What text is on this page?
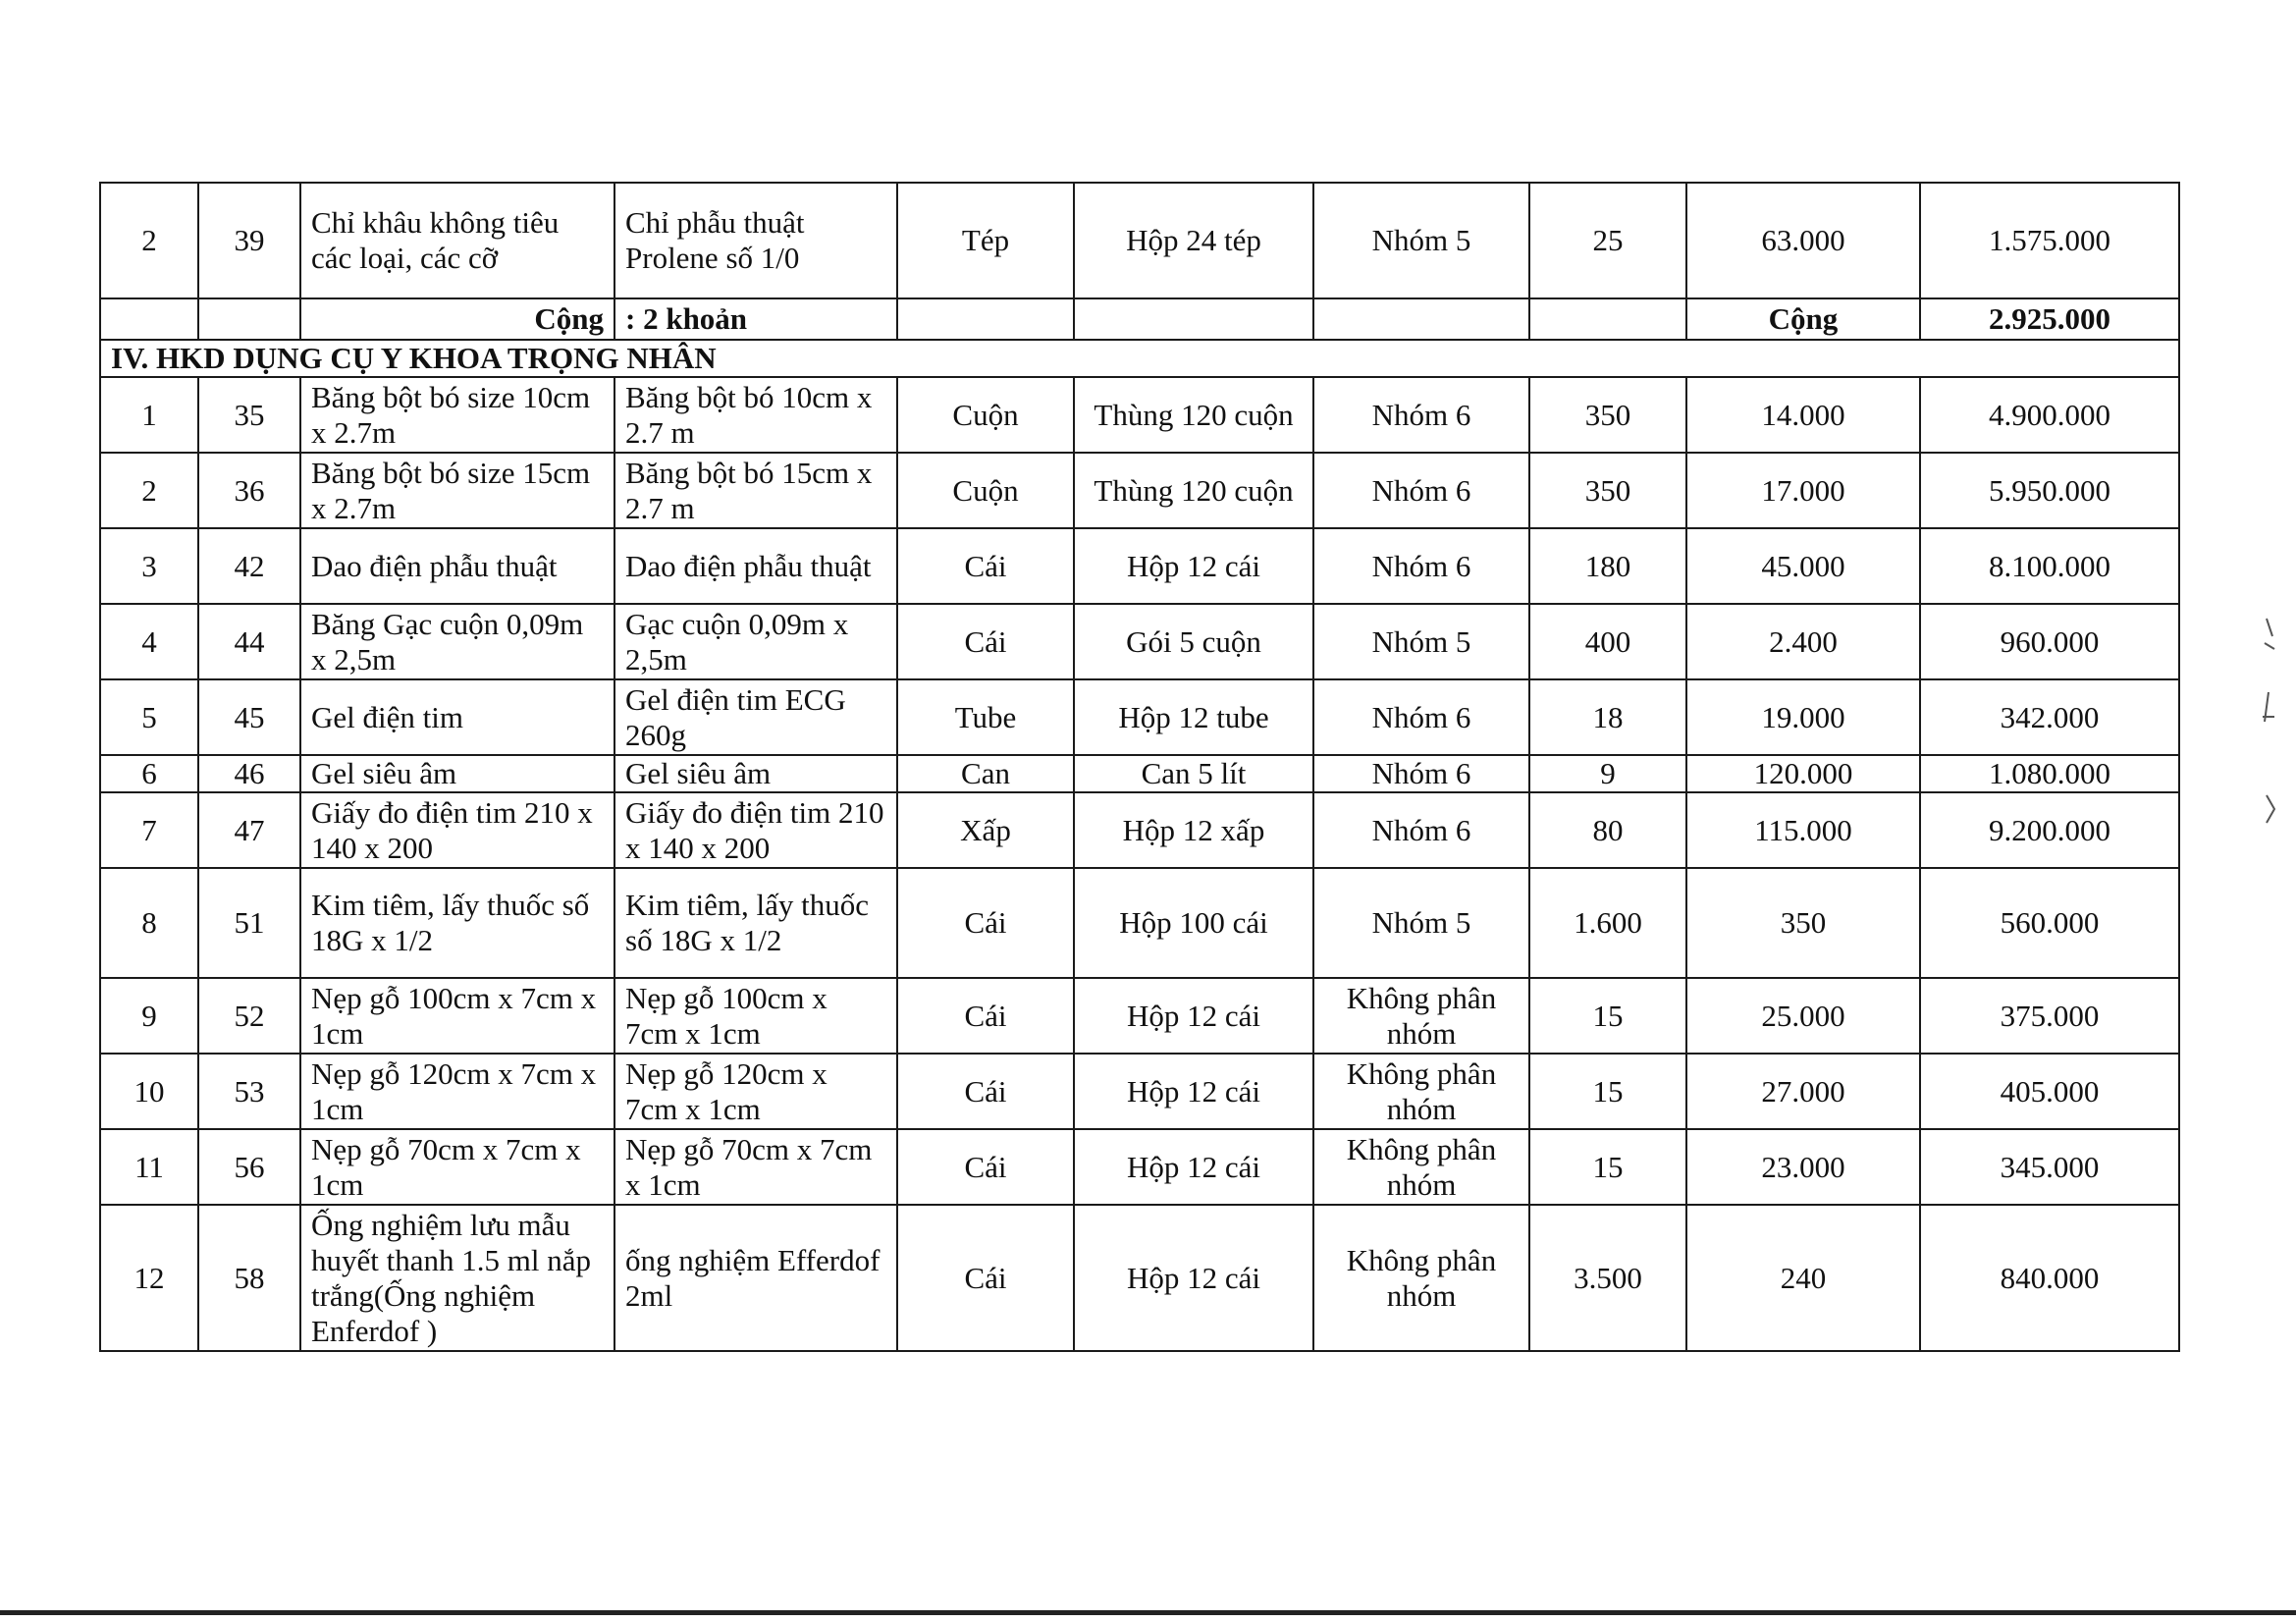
2	39	Chỉ khâu không tiêu các loại, các cỡ	Chỉ phẫu thuật Prolene số 1/0	Tép	Hộp 24 tép	Nhóm 5	25	63.000	1.575.000
		Cộng	: 2 khoản					Cộng	2.925.000
IV. HKD DỤNG CỤ Y KHOA TRỌNG NHÂN									
1	35	Băng bột bó size 10cm x 2.7m	Băng bột bó 10cm x 2.7 m	Cuộn	Thùng 120 cuộn	Nhóm 6	350	14.000	4.900.000
2	36	Băng bột bó size 15cm x 2.7m	Băng bột bó 15cm x 2.7 m	Cuộn	Thùng 120 cuộn	Nhóm 6	350	17.000	5.950.000
3	42	Dao điện phẫu thuật	Dao điện phẫu thuật	Cái	Hộp 12 cái	Nhóm 6	180	45.000	8.100.000
4	44	Băng Gạc cuộn 0,09m x 2,5m	Gạc cuộn 0,09m x 2,5m	Cái	Gói 5 cuộn	Nhóm 5	400	2.400	960.000
5	45	Gel điện tim	Gel điện tim ECG 260g	Tube	Hộp 12 tube	Nhóm 6	18	19.000	342.000
6	46	Gel siêu âm	Gel siêu âm	Can	Can 5 lít	Nhóm 6	9	120.000	1.080.000
7	47	Giấy đo điện tim 210 x 140 x 200	Giấy đo điện tim 210 x 140 x 200	Xấp	Hộp 12 xấp	Nhóm 6	80	115.000	9.200.000
8	51	Kim tiêm, lấy thuốc số 18G x 1/2	Kim tiêm, lấy thuốc số 18G x 1/2	Cái	Hộp 100 cái	Nhóm 5	1.600	350	560.000
9	52	Nẹp gỗ 100cm x 7cm x 1cm	Nẹp gỗ 100cm x 7cm x 1cm	Cái	Hộp 12 cái	Không phân nhóm	15	25.000	375.000
10	53	Nẹp gỗ 120cm x 7cm x 1cm	Nẹp gỗ 120cm x 7cm x 1cm	Cái	Hộp 12 cái	Không phân nhóm	15	27.000	405.000
11	56	Nẹp gỗ 70cm x 7cm x 1cm	Nẹp gỗ 70cm x 7cm x 1cm	Cái	Hộp 12 cái	Không phân nhóm	15	23.000	345.000
12	58	Ống nghiệm lưu mẫu huyết thanh 1.5 ml nắp trắng(Ống nghiệm Enferdof )	ống nghiệm Efferdof 2ml	Cái	Hộp 12 cái	Không phân nhóm	3.500	240	840.000
